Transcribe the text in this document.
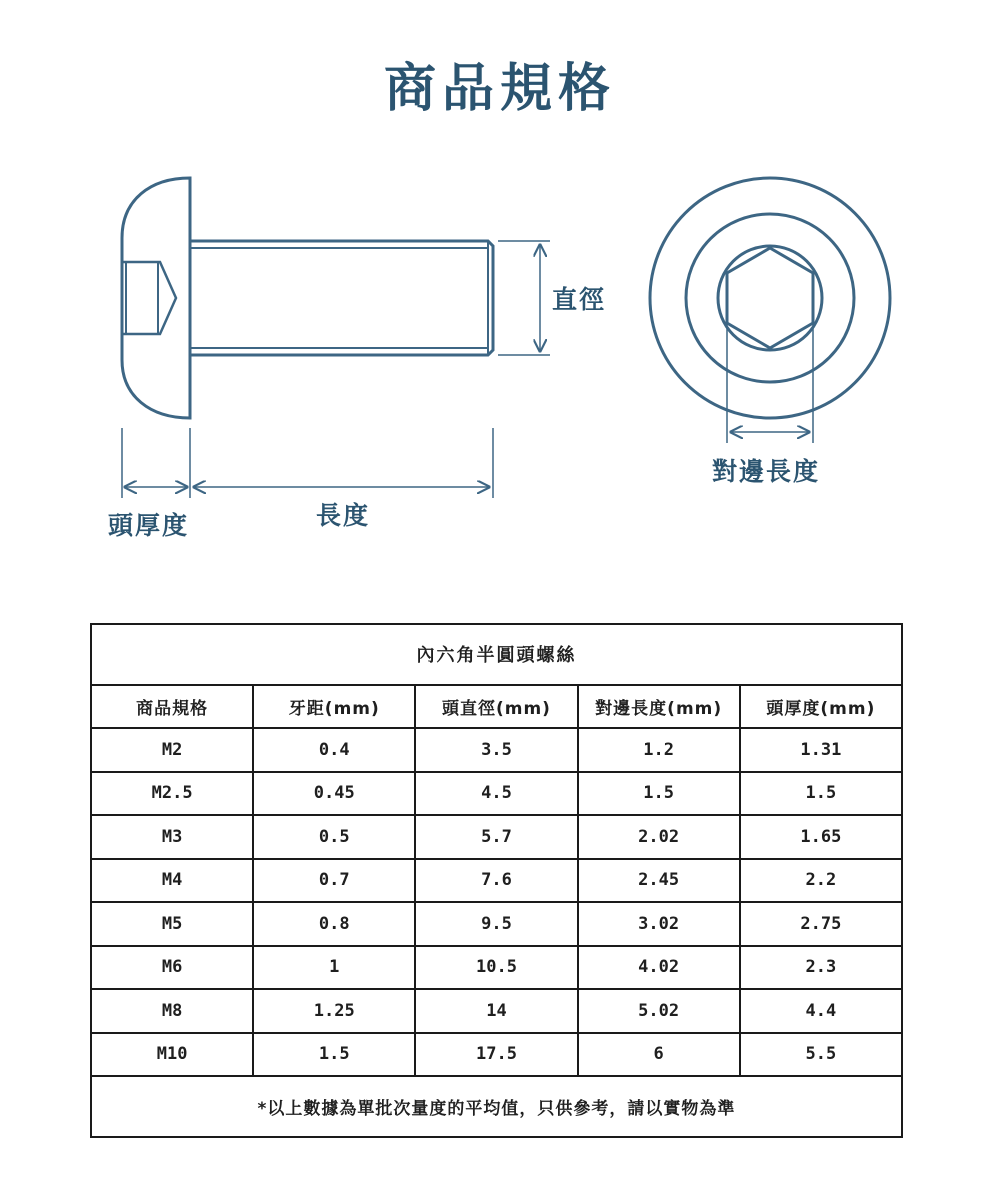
商品規格
直徑
對邊長度
頭厚度	長度
內六角半圓頭螺絲				
商品規格	牙距(mm)	頭直徑(mm)	對邊長度(mm)	頭厚度(mm)
M2	0.4	3.5	1.2	1.31
M2.5	0.45	4.5	1.5	1.5
M3	0.5	5.7	2.02	1.65
M4	0.7	7.6	2.45	2.2
M5	0.8	9.5	3.02	2.75
M6	1	10.5	4.02	2.3
M8	1.25	14	5.02	4.4
M10	1.5	17.5	6	5.5
*以上數據為單批次量度的平均值，只供參考，請以實物為準				
